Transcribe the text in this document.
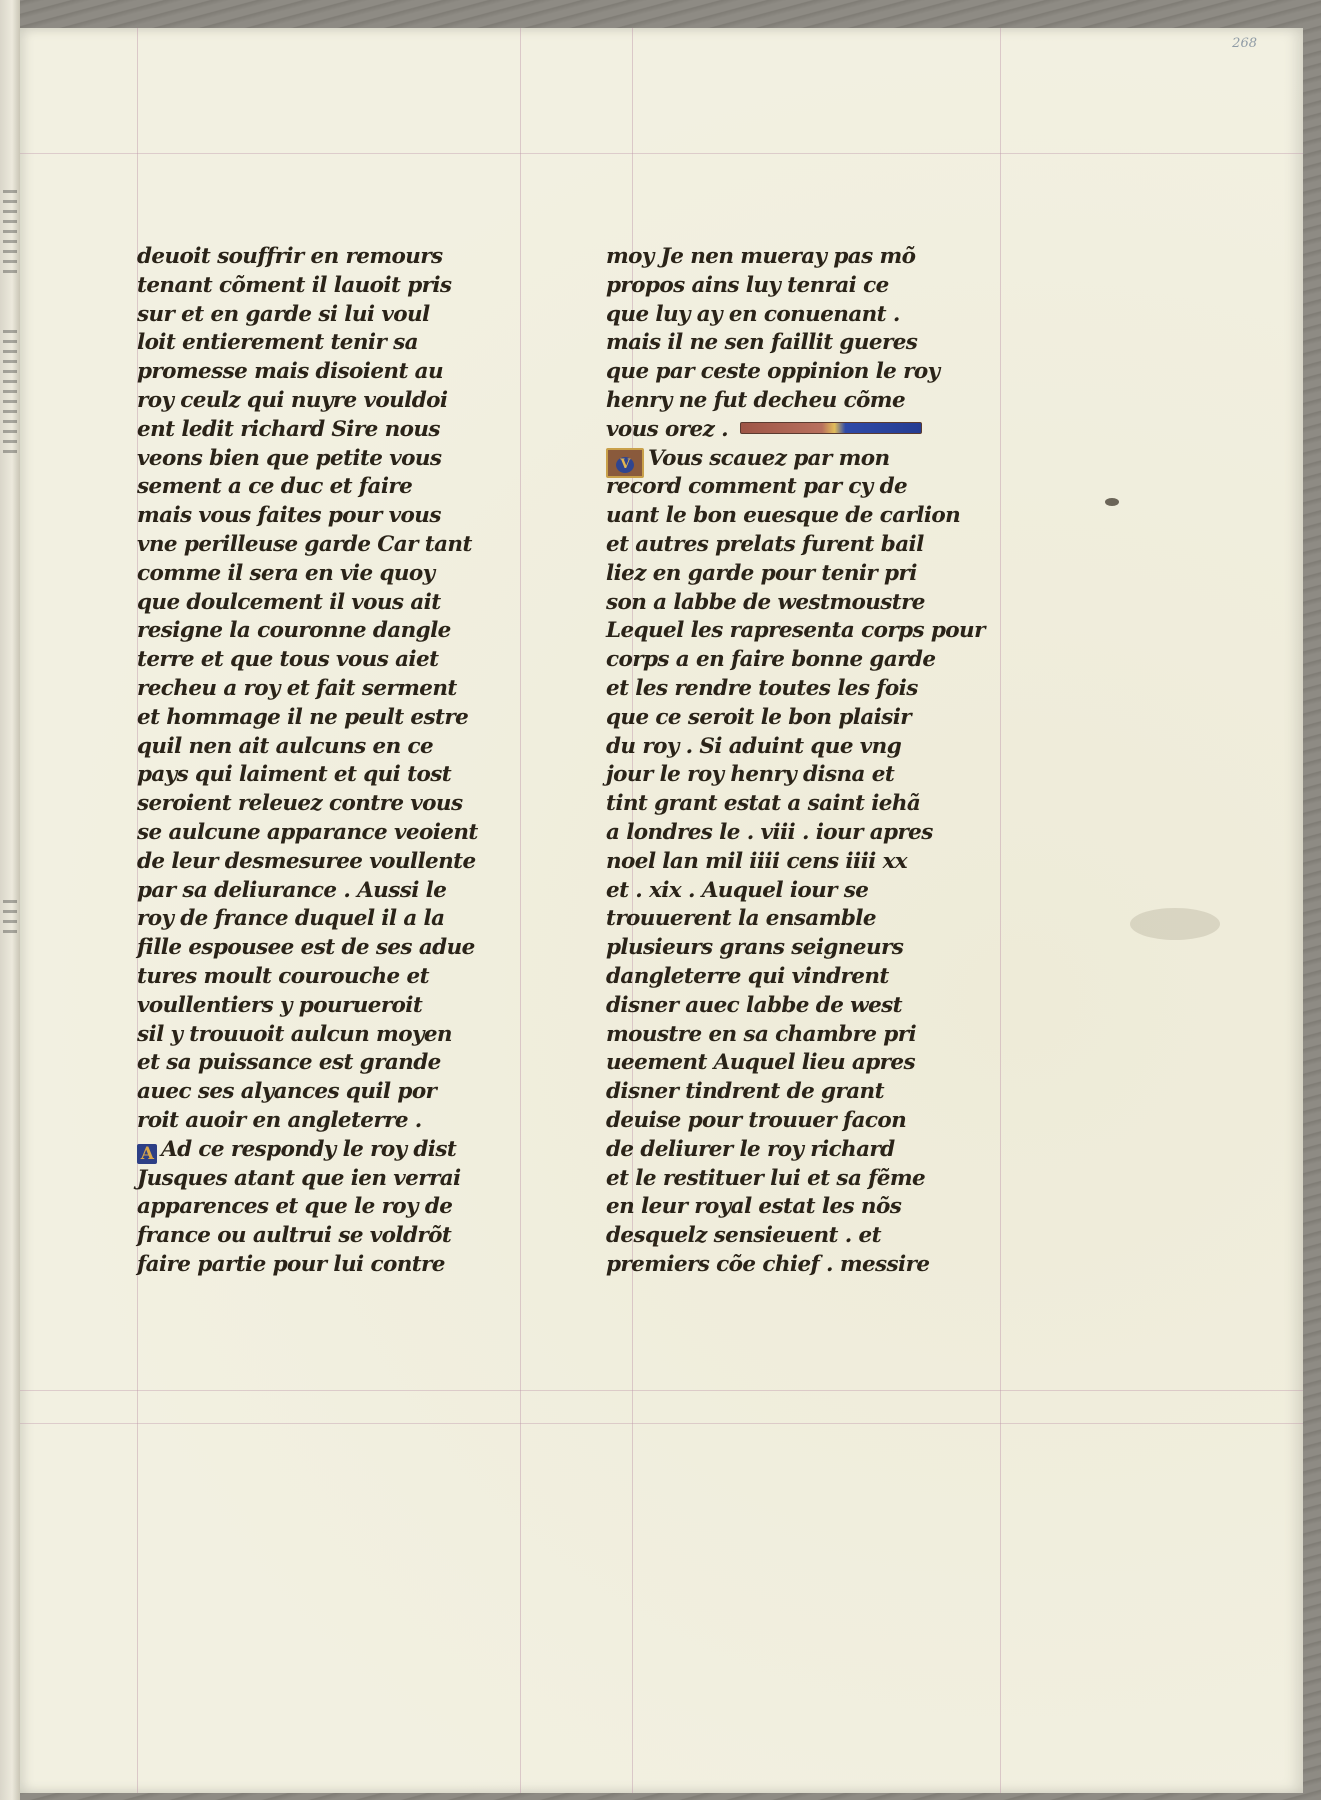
268
deuoit souffrir en remours
tenant cõment il lauoit pris
sur et en garde si lui voul
loit entierement tenir sa
promesse mais disoient au
roy ceulz qui nuyre vouldoi
ent ledit richard Sire nous
veons bien que petite vous
sement a ce duc et faire
mais vous faites pour vous
vne perilleuse garde Car tant
comme il sera en vie quoy
que doulcement il vous ait
resigne la couronne dangle
terre et que tous vous aiet
recheu a roy et fait serment
et hommage il ne peult estre
quil nen ait aulcuns en ce
pays qui laiment et qui tost
seroient releuez contre vous
se aulcune apparance veoient
de leur desmesuree voullente
par sa deliurance . Aussi le
roy de france duquel il a la
fille espousee est de ses adue
tures moult courouche et
voullentiers y pourueroit
sil y trouuoit aulcun moyen
et sa puissance est grande
auec ses alyances quil por
roit auoir en angleterre .
A Ad ce respondy le roy dist
Jusques atant que ien verrai
apparences et que le roy de
france ou aultrui se voldrõt
faire partie pour lui contre
moy Je nen mueray pas mõ
propos ains luy tenrai ce
que luy ay en conuenant .
mais il ne sen faillit gueres
que par ceste oppinion le roy
henry ne fut decheu cõme
vous orez .
V Vous scauez par mon
record comment par cy de
uant le bon euesque de carlion
et autres prelats furent bail
liez en garde pour tenir pri
son a labbe de westmoustre
Lequel les rapresenta corps pour
corps a en faire bonne garde
et les rendre toutes les fois
que ce seroit le bon plaisir
du roy . Si aduint que vng
jour le roy henry disna et
tint grant estat a saint iehã
a londres le . viii . iour apres
noel lan mil iiii cens iiii xx
et . xix . Auquel iour se
trouuerent la ensamble
plusieurs grans seigneurs
dangleterre qui vindrent
disner auec labbe de west
moustre en sa chambre pri
ueement Auquel lieu apres
disner tindrent de grant
deuise pour trouuer facon
de deliurer le roy richard
et le restituer lui et sa fẽme
en leur royal estat les nõs
desquelz sensieuent . et
premiers cõe chief . messire
